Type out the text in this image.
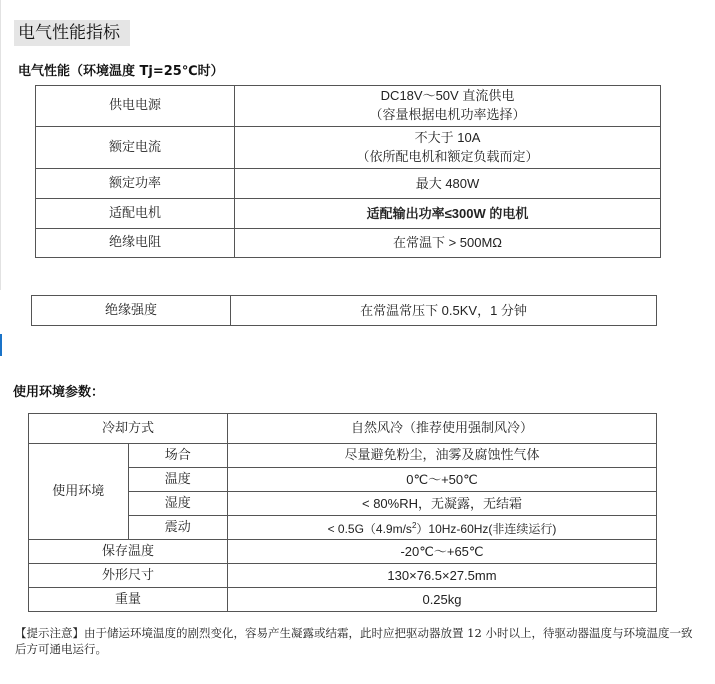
电气性能指标
电气性能（环境温度 Tj=25℃时）
供电电源	DC18V～50V 直流供电
（容量根据电机功率选择）

额定电流	不大于 10A
（依所配电机和额定负载而定）

额定功率	最大 480W
适配电机	适配输出功率≤300W 的电机
绝缘电阻	在常温下 > 500MΩ
绝缘强度	在常温常压下 0.5KV，1 分钟
使用环境参数：
冷却方式		自然风冷（推荐使用强制风冷）
使用环境	场合	尽量避免粉尘，油雾及腐蚀性气体
	温度	0℃～+50℃
	湿度	< 80%RH，无凝露，无结霜
	震动	< $0.5G(4.9m/s^2)10Hz-60Hz$(非连续运行)
保存温度		-20℃～+65℃
外形尺寸		130×76.5×27.5mm
重量		0.25kg
【提示注意】由于储运环境温度的剧烈变化，容易产生凝露或结霜，此时应把驱动器放置 12 小时以上，待驱动器温度与环境温度一致后方可通电运行。
